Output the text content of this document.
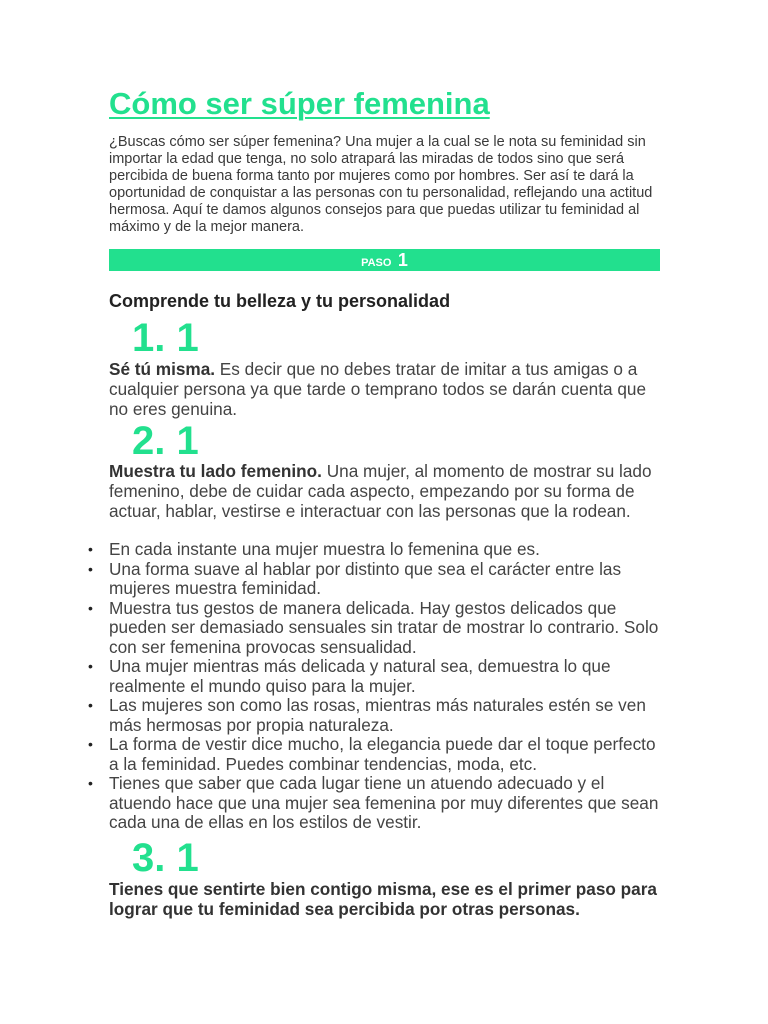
Cómo ser súper femenina

¿Buscas cómo ser súper femenina? Una mujer a la cual se le nota su feminidad sin importar la edad que tenga, no solo atrapará las miradas de todos sino que será percibida de buena forma tanto por mujeres como por hombres. Ser así te dará la oportunidad de conquistar a las personas con tu personalidad, reflejando una actitud hermosa. Aquí te damos algunos consejos para que puedas utilizar tu feminidad al máximo y de la mejor manera.

PASO 1
Comprende tu belleza y tu personalidad
1. 1

Sé tú misma. Es decir que no debes tratar de imitar a tus amigas o a cualquier persona ya que tarde o temprano todos se darán cuenta que no eres genuina.

2. 1

Muestra tu lado femenino. Una mujer, al momento de mostrar su lado femenino, debe de cuidar cada aspecto, empezando por su forma de actuar, hablar, vestirse e interactuar con las personas que la rodean.

• En cada instante una mujer muestra lo femenina que es.
• Una forma suave al hablar por distinto que sea el carácter entre las mujeres muestra feminidad.
• Muestra tus gestos de manera delicada. Hay gestos delicados que pueden ser demasiado sensuales sin tratar de mostrar lo contrario. Solo con ser femenina provocas sensualidad.
• Una mujer mientras más delicada y natural sea, demuestra lo que realmente el mundo quiso para la mujer.
• Las mujeres son como las rosas, mientras más naturales estén se ven más hermosas por propia naturaleza.
• La forma de vestir dice mucho, la elegancia puede dar el toque perfecto a la feminidad. Puedes combinar tendencias, moda, etc.
• Tienes que saber que cada lugar tiene un atuendo adecuado y el atuendo hace que una mujer sea femenina por muy diferentes que sean cada una de ellas en los estilos de vestir.
3. 1

Tienes que sentirte bien contigo misma, ese es el primer paso para lograr que tu feminidad sea percibida por otras personas.
